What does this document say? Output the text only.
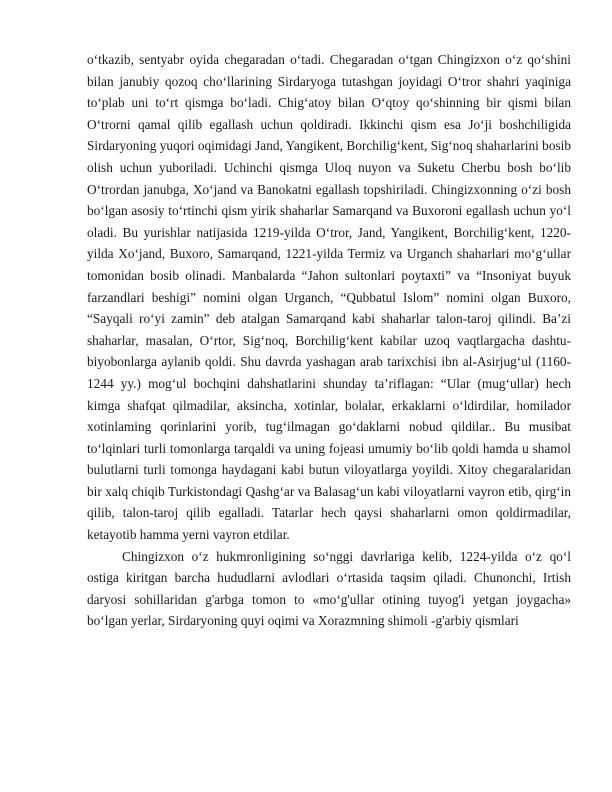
o‘tkazib, sentyabr oyida chegaradan o‘tadi. Chegaradan o‘tgan Chingizxon o‘z qo‘shini bilan janubiy qozoq cho‘llarining Sirdaryoga tutashgan joyidagi O‘tror shahri yaqiniga to‘plab uni to‘rt qismga bo‘ladi. Chig‘atoy bilan O‘qtoy qo‘shinning bir qismi bilan O‘trorni qamal qilib egallash uchun qoldiradi. Ikkinchi qism esa Jo‘ji boshchiligida Sirdaryoning yuqori oqimidagi Jand, Yangikent, Borchilig‘kent, Sig‘noq shaharlarini bosib olish uchun yuboriladi. Uchinchi qismga Uloq nuyon va Suketu Cherbu bosh bo‘lib O‘trordan janubga, Xo‘jand va Banokatni egallash topshiriladi. Chingizxonning o‘zi bosh bo‘lgan asosiy to‘rtinchi qism yirik shaharlar Samarqand va Buxoroni egallash uchun yo‘l oladi. Bu yurishlar natijasida 1219-yilda O‘tror, Jand, Yangikent, Borchilig‘kent, 1220-yilda Xo‘jand, Buxoro, Samarqand, 1221-yilda Termiz va Urganch shaharlari mo‘g‘ullar tomonidan bosib olinadi. Manbalarda “Jahon sultonlari poytaxti” va “Insoniyat buyuk farzandlari beshigi” nomini olgan Urganch, “Qubbatul Islom” nomini olgan Buxoro, “Sayqali ro‘yi zamin” deb atalgan Samarqand kabi shaharlar talon-taroj qilindi. Ba’zi shaharlar, masalan, O‘rtor, Sig‘noq, Borchilig‘kent kabilar uzoq vaqtlargacha dashtu-biyobonlarga aylanib qoldi. Shu davrda yashagan arab tarixchisi ibn al-Asirjug‘ul (1160-1244 yy.) mog‘ul bochqini dahshatlarini shunday ta’riflagan: “Ular (mug‘ullar) hech kimga shafqat qilmadilar, aksincha, xotinlar, bolalar, erkaklarni o‘ldirdilar, homilador xotinlaming qorinlarini yorib, tug‘ilmagan go‘daklarni nobud qildilar.. Bu musibat to‘lqinlari turli tomonlarga tarqaldi va uning fojeasi umumiy bo‘lib qoldi hamda u shamol bulutlarni turli tomonga haydagani kabi butun viloyatlarga yoyildi. Xitoy chegaralaridan bir xalq chiqib Turkistondagi Qashg‘ar va Balasag‘un kabi viloyatlarni vayron etib, qirg‘in qilib, talon-taroj qilib egalladi. Tatarlar hech qaysi shaharlarni omon qoldirmadilar, ketayotib hamma yerni vayron etdilar.

Chingizxon o‘z hukmronligining so‘nggi davrlariga kelib, 1224-yilda o‘z qo‘l ostiga kiritgan barcha hududlarni avlodlari o‘rtasida taqsim qiladi. Chunonchi, Irtish daryosi sohillaridan g'arbga tomon to «mo‘g'ullar otining tuyog'i yetgan joygacha» bo‘lgan yerlar, Sirdaryoning quyi oqimi va Xorazmning shimoli -g'arbiy qismlari
